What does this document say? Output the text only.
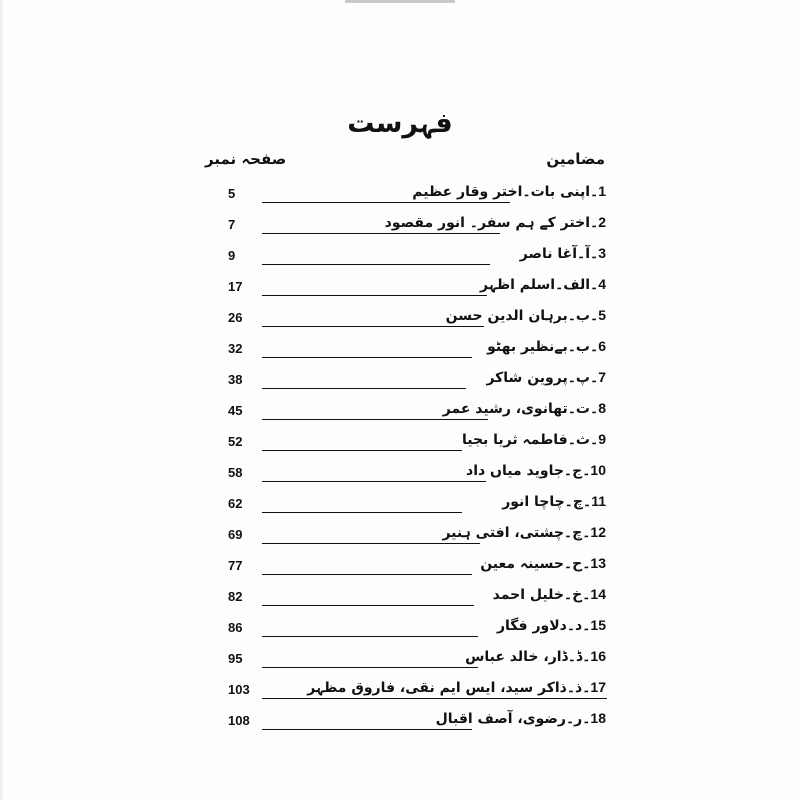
فہرست
صفحہ نمبر	مضامین
5	1۔اپنی بات۔اختر وقار عظیم
7	2۔اختر کے ہم سفر۔ انور مقصود
9	3۔آ۔آغا ناصر
17	4۔الف۔اسلم اظہر
26	5۔ب۔برہان الدین حسن
32	6۔ب۔بےنظیر بھٹو
38	7۔پ۔پروین شاکر
45	8۔ت۔تھانوی، رشید عمر
52	9۔ث۔فاطمہ ثریا بجیا
58	10۔ج۔جاوید میاں داد
62	11۔چ۔چاچا انور
69	12۔چ۔چشتی، افتی ہنیر
77	13۔ح۔حسینہ معین
82	14۔خ۔خلیل احمد
86	15۔د۔دلاور فگار
95	16۔ڈ۔ڈار، خالد عباس
103	17۔ذ۔ذاکر سید، ایس ایم نقی، فاروق مظہر
108	18۔ر۔رضوی، آصف اقبال
